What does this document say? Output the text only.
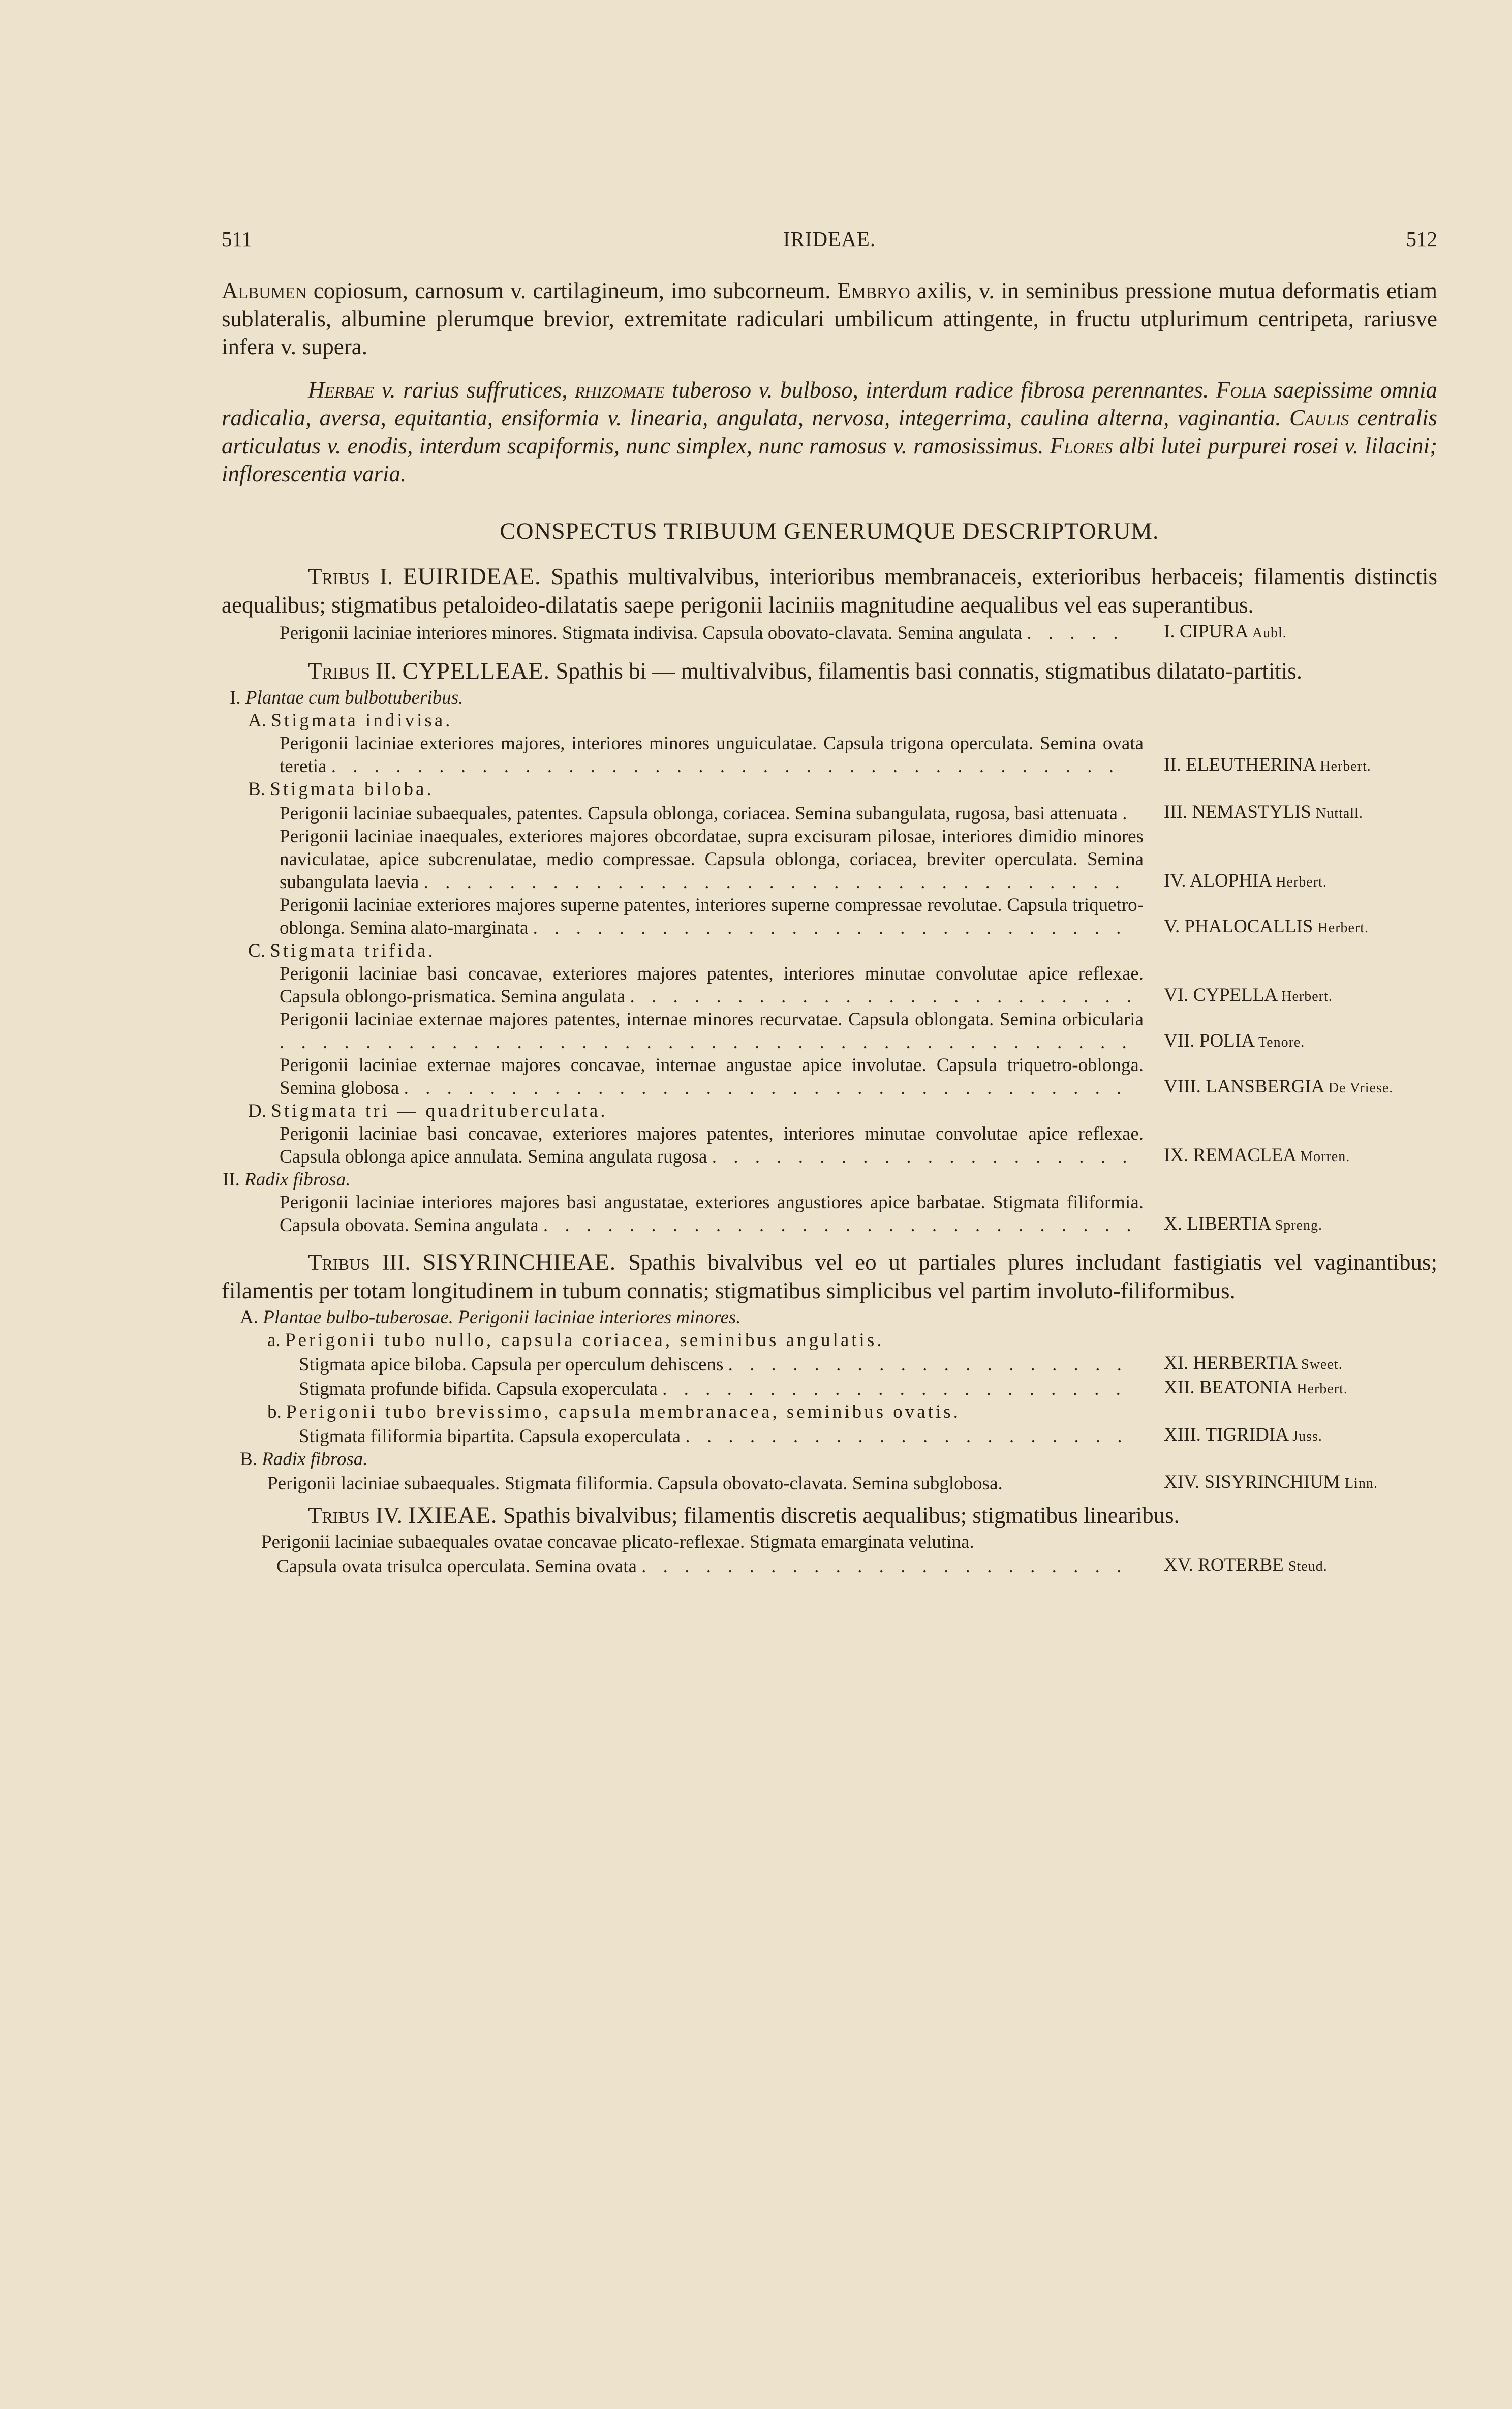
511	IRIDEAE.	512

Albumen copiosum, carnosum v. cartilagineum, imo subcorneum. Embryo axilis, v. in seminibus pressione mutua deformatis etiam sublateralis, albumine plerumque brevior, extremitate radiculari umbilicum attingente, in fructu utplurimum centripeta, rariusve infera v. supera.

Herbae v. rarius suffrutices, rhizomate tuberoso v. bulboso, interdum radice fibrosa perennantes. Folia saepissime omnia radicalia, aversa, equitantia, ensiformia v. linearia, angulata, nervosa, integerrima, caulina alterna, vaginantia. Caulis centralis articulatus v. enodis, interdum scapiformis, nunc simplex, nunc ramosus v. ramosissimus. Flores albi lutei purpurei rosei v. lilacini; inflorescentia varia.

CONSPECTUS TRIBUUM GENERUMQUE DESCRIPTORUM.

Tribus I. EUIRIDEAE. Spathis multivalvibus, interioribus membranaceis, exterioribus herbaceis; filamentis distinctis aequalibus; stigmatibus petaloideo-dilatatis saepe perigonii laciniis magnitudine aequalibus vel eas superantibus.

Perigonii laciniae interiores minores. Stigmata indivisa. Capsula obovato-clavata. Semina angulata . . . . .	I. CIPURA Aubl.

Tribus II. CYPELLEAE. Spathis bi — multivalvibus, filamentis basi connatis, stigmatibus dilatato-partitis.

I. Plantae cum bulbotuberibus.
A. Stigmata indivisa.
Perigonii laciniae exteriores majores, interiores minores unguiculatae. Capsula trigona operculata. Semina ovata teretia . . . . . . . . . . . . . . . . . . . . . . . . . . . . . . . . . . . . .	II. ELEUTHERINA Herbert.
B. Stigmata biloba.
Perigonii laciniae subaequales, patentes. Capsula oblonga, coriacea. Semina subangulata, rugosa, basi attenuata .	III. NEMASTYLIS Nuttall.
Perigonii laciniae inaequales, exteriores majores obcordatae, supra excisuram pilosae, interiores dimidio minores naviculatae, apice subcrenulatae, medio compressae. Capsula oblonga, coriacea, breviter operculata. Semina subangulata laevia . . . . . . . . . . . . . . . . . . . . . . . . . . . . . . . . .	IV. ALOPHIA Herbert.
Perigonii laciniae exteriores majores superne patentes, interiores superne compressae revolutae. Capsula triquetro-oblonga. Semina alato-marginata . . . . . . . . . . . . . . . . . . . . . . . . . . . .	V. PHALOCALLIS Herbert.
C. Stigmata trifida.
Perigonii laciniae basi concavae, exteriores majores patentes, interiores minutae convolutae apice reflexae. Capsula oblongo-prismatica. Semina angulata . . . . . . . . . . . . . . . . . . . . . . . .	VI. CYPELLA Herbert.
Perigonii laciniae externae majores patentes, internae minores recurvatae. Capsula oblongata. Semina orbicularia . . . . . . . . . . . . . . . . . . . . . . . . . . . . . . . . . . . . . . . .	VII. POLIA Tenore.
Perigonii laciniae externae majores concavae, internae angustae apice involutae. Capsula triquetro-oblonga. Semina globosa . . . . . . . . . . . . . . . . . . . . . . . . . . . . . . . . . .	VIII. LANSBERGIA De Vriese.
D. Stigmata tri — quadrituberculata.
Perigonii laciniae basi concavae, exteriores majores patentes, interiores minutae convolutae apice reflexae. Capsula oblonga apice annulata. Semina angulata rugosa . . . . . . . . . . . . . . . . . . . .	IX. REMACLEA Morren.
II. Radix fibrosa.
Perigonii laciniae interiores majores basi angustatae, exteriores angustiores apice barbatae. Stigmata filiformia. Capsula obovata. Semina angulata . . . . . . . . . . . . . . . . . . . . . . . . . . . .	X. LIBERTIA Spreng.

Tribus III. SISYRINCHIEAE. Spathis bivalvibus vel eo ut partiales plures includant fastigiatis vel vaginantibus; filamentis per totam longitudinem in tubum connatis; stigmatibus simplicibus vel partim involuto-filiformibus.

A. Plantae bulbo-tuberosae. Perigonii laciniae interiores minores.
a. Perigonii tubo nullo, capsula coriacea, seminibus angulatis.
Stigmata apice biloba. Capsula per operculum dehiscens . . . . . . . . . . . . . . . . . . .	XI. HERBERTIA Sweet.
Stigmata profunde bifida. Capsula exoperculata . . . . . . . . . . . . . . . . . . . . . .	XII. BEATONIA Herbert.
b. Perigonii tubo brevissimo, capsula membranacea, seminibus ovatis.
Stigmata filiformia bipartita. Capsula exoperculata . . . . . . . . . . . . . . . . . . . . .	XIII. TIGRIDIA Juss.
B. Radix fibrosa.
Perigonii laciniae subaequales. Stigmata filiformia. Capsula obovato-clavata. Semina subglobosa.	XIV. SISYRINCHIUM Linn.

Tribus IV. IXIEAE. Spathis bivalvibus; filamentis discretis aequalibus; stigmatibus linearibus.

Perigonii laciniae subaequales ovatae concavae plicato-reflexae. Stigmata emarginata velutina.
Capsula ovata trisulca operculata. Semina ovata . . . . . . . . . . . . . . . . . . . . . . .	XV. ROTERBE Steud.
